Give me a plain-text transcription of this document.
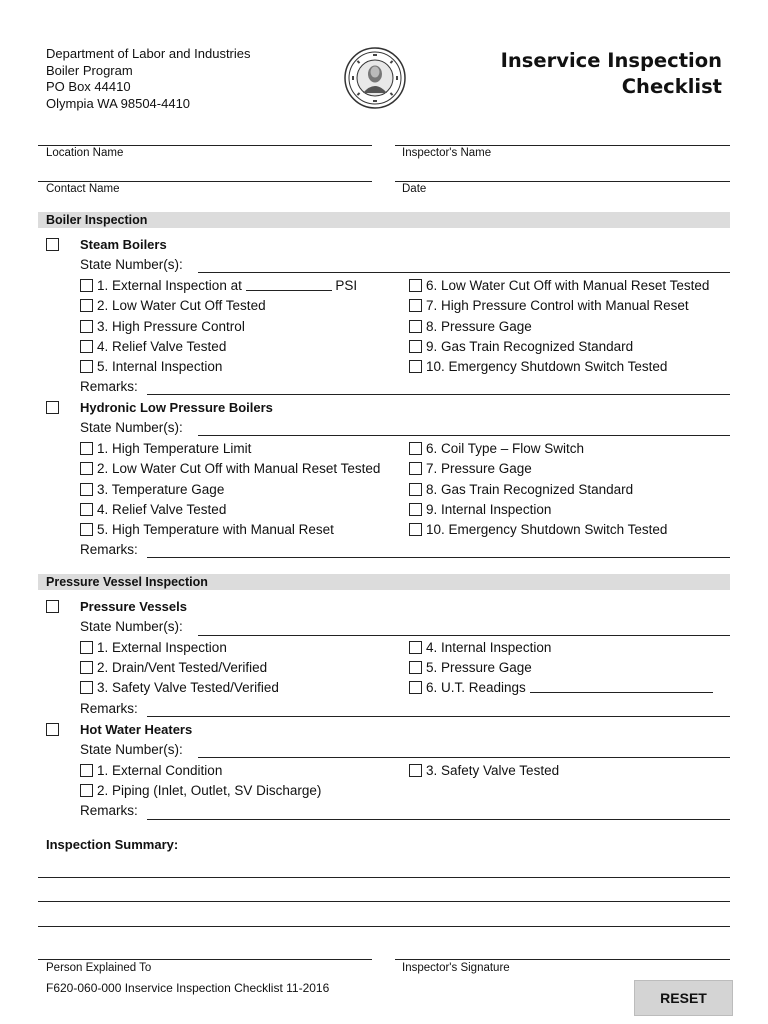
Department of Labor and Industries
Boiler Program
PO Box 44410
Olympia WA 98504-4410
Inservice Inspection
Checklist
Location Name	Inspector's Name
Contact Name	Date
Boiler Inspection
Steam Boilers
State Number(s):
1. External Inspection at	PSI
2. Low Water Cut Off Tested
3. High Pressure Control
4. Relief Valve Tested
5. Internal Inspection
6. Low Water Cut Off with Manual Reset Tested
7. High Pressure Control with Manual Reset
8. Pressure Gage
9. Gas Train Recognized Standard
10. Emergency Shutdown Switch Tested
Remarks:
Hydronic Low Pressure Boilers
State Number(s):
1. High Temperature Limit
2. Low Water Cut Off with Manual Reset Tested
3. Temperature Gage
4. Relief Valve Tested
5. High Temperature with Manual Reset
6. Coil Type – Flow Switch
7. Pressure Gage
8. Gas Train Recognized Standard
9. Internal Inspection
10. Emergency Shutdown Switch Tested
Remarks:
Pressure Vessel Inspection
Pressure Vessels
State Number(s):
1. External Inspection
2. Drain/Vent Tested/Verified
3. Safety Valve Tested/Verified
4. Internal Inspection
5. Pressure Gage
6. U.T. Readings
Remarks:
Hot Water Heaters
State Number(s):
1. External Condition
2. Piping (Inlet, Outlet, SV Discharge)
3. Safety Valve Tested
Remarks:
Inspection Summary:
Person Explained To	Inspector's Signature
F620-060-000 Inservice Inspection Checklist 11-2016
RESET
